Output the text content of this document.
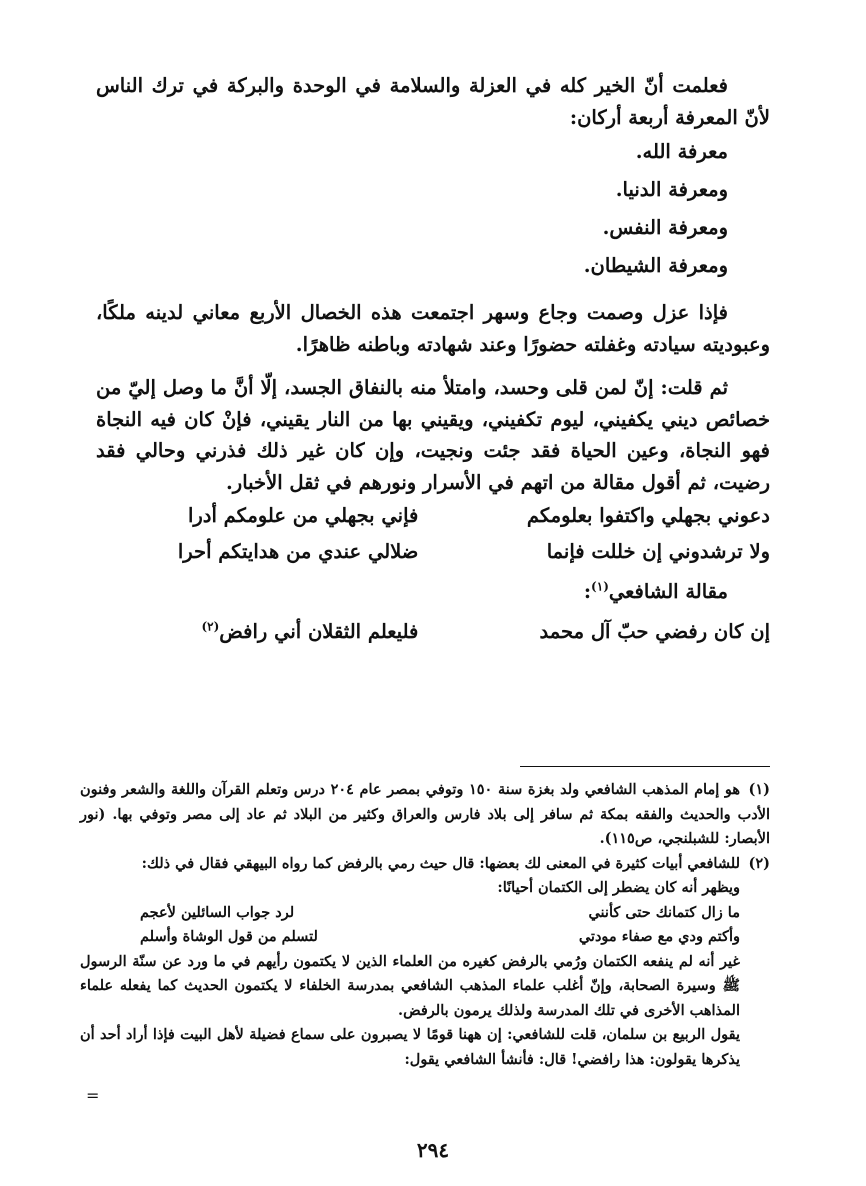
فعلمت أنّ الخير كله في العزلة والسلامة في الوحدة والبركة في ترك الناس لأنّ المعرفة أربعة أركان:

معرفة الله.
ومعرفة الدنيا.
ومعرفة النفس.
ومعرفة الشيطان.

فإذا عزل وصمت وجاع وسهر اجتمعت هذه الخصال الأربع معاني لدينه ملكًا، وعبوديته سيادته وغفلته حضورًا وعند شهادته وباطنه ظاهرًا.

ثم قلت: إنّ لمن قلى وحسد، وامتلأ منه بالنفاق الجسد، إلّا أنَّ ما وصل إليّ من خصائص ديني يكفيني، ليوم تكفيني، ويقيني بها من النار يقيني، فإنْ كان فيه النجاة فهو النجاة، وعين الحياة فقد جئت ونجيت، وإن كان غير ذلك فذرني وحالي فقد رضيت، ثم أقول مقالة من اتهم في الأسرار ونورهم في ثقل الأخبار.

دعوني بجهلي واكتفوا بعلومكم
فإني بجهلي من علومكم أدرا
ولا ترشدوني إن خللت فإنما
ضلالي عندي من هدايتكم أحرا
مقالة الشافعي$^{(١)}$:
إن كان رفضي حبّ آل محمد
فليعلم الثقلان أني رافض$^{(٢)}$

(١)هو إمام المذهب الشافعي ولد بغزة سنة ١٥٠ وتوفي بمصر عام ٢٠٤ درس وتعلم القرآن واللغة والشعر وفنون الأدب والحديث والفقه بمكة ثم سافر إلى بلاد فارس والعراق وكثير من البلاد ثم عاد إلى مصر وتوفي بها. (نور الأبصار: للشبلنجي، ص١١٥).

(٢)للشافعي أبيات كثيرة في المعنى لك بعضها: قال حيث رمي بالرفض كما رواه البيهقي فقال في ذلك:

ويظهر أنه كان يضطر إلى الكتمان أحيانًا:

ما زال كتمانك حتى كأنني
لرد جواب السائلين لأعجم
وأكتم ودي مع صفاء مودتي
لتسلم من قول الوشاة وأسلم

غير أنه لم ينفعه الكتمان ورُمي بالرفض كغيره من العلماء الذين لا يكتمون رأيهم في ما ورد عن سنّة الرسول ﷺ وسيرة الصحابة، وإنّ أغلب علماء المذهب الشافعي بمدرسة الخلفاء لا يكتمون الحديث كما يفعله علماء المذاهب الأخرى في تلك المدرسة ولذلك يرمون بالرفض.

يقول الربيع بن سلمان، قلت للشافعي: إن ههنا قومًا لا يصبرون على سماع فضيلة لأهل البيت فإذا أراد أحد أن يذكرها يقولون: هذا رافضي! قال: فأنشأ الشافعي يقول:

=
٢٩٤
